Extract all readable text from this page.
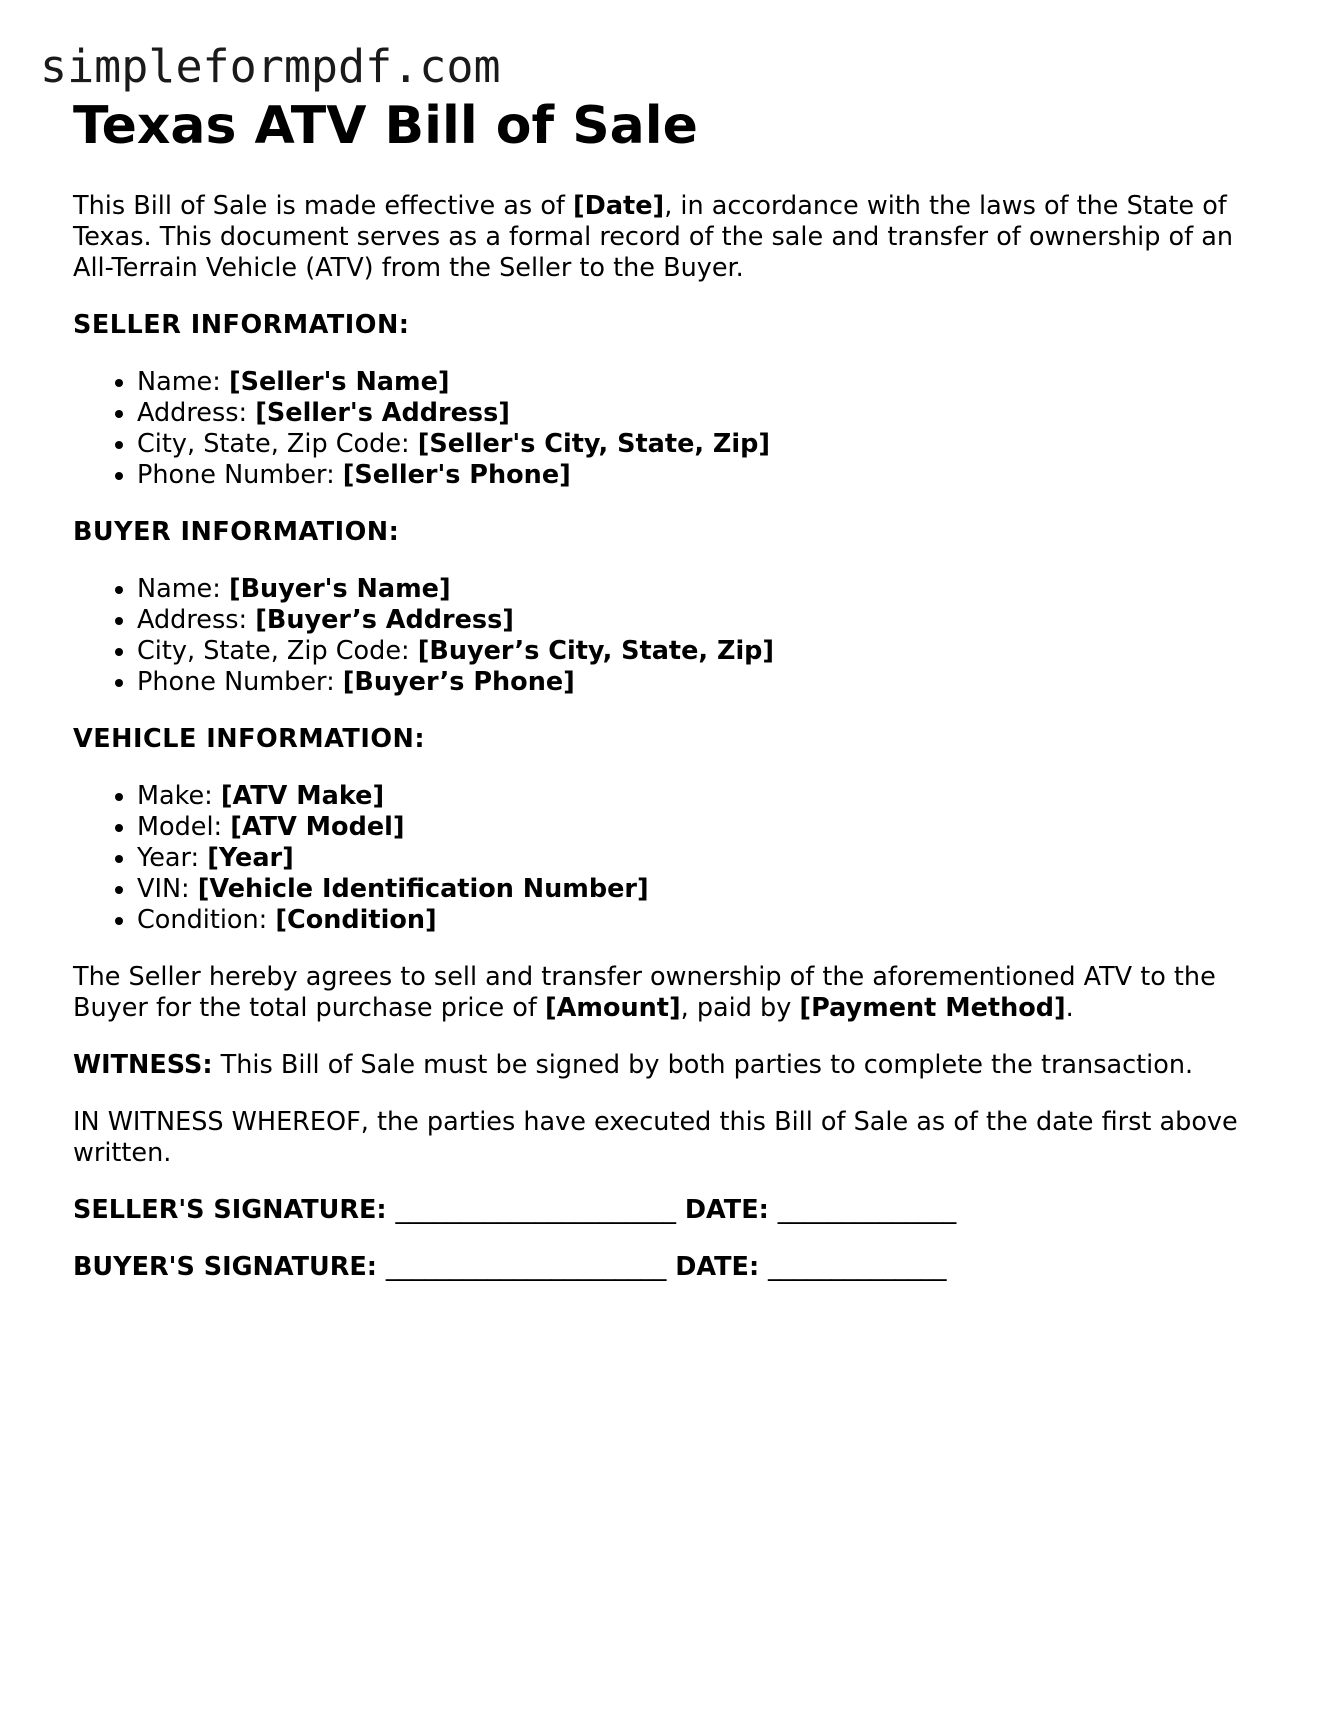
simpleformpdf.com
Texas ATV Bill of Sale

This Bill of Sale is made effective as of [Date], in accordance with the laws of the State of Texas. This document serves as a formal record of the sale and transfer of ownership of an All-Terrain Vehicle (ATV) from the Seller to the Buyer.

SELLER INFORMATION:
• Name: [Seller's Name]
• Address: [Seller's Address]
• City, State, Zip Code: [Seller's City, State, Zip]
• Phone Number: [Seller's Phone]
BUYER INFORMATION:
• Name: [Buyer's Name]
• Address: [Buyer’s Address]
• City, State, Zip Code: [Buyer’s City, State, Zip]
• Phone Number: [Buyer’s Phone]
VEHICLE INFORMATION:
• Make: [ATV Make]
• Model: [ATV Model]
• Year: [Year]
• VIN: [Vehicle Identification Number]
• Condition: [Condition]

The Seller hereby agrees to sell and transfer ownership of the aforementioned ATV to the Buyer for the total purchase price of [Amount], paid by [Payment Method].

WITNESS: This Bill of Sale must be signed by both parties to complete the transaction.

IN WITNESS WHEREOF, the parties have executed this Bill of Sale as of the date first above written.

SELLER'S SIGNATURE: ______________________ DATE: ______________
BUYER'S SIGNATURE: ______________________ DATE: ______________
